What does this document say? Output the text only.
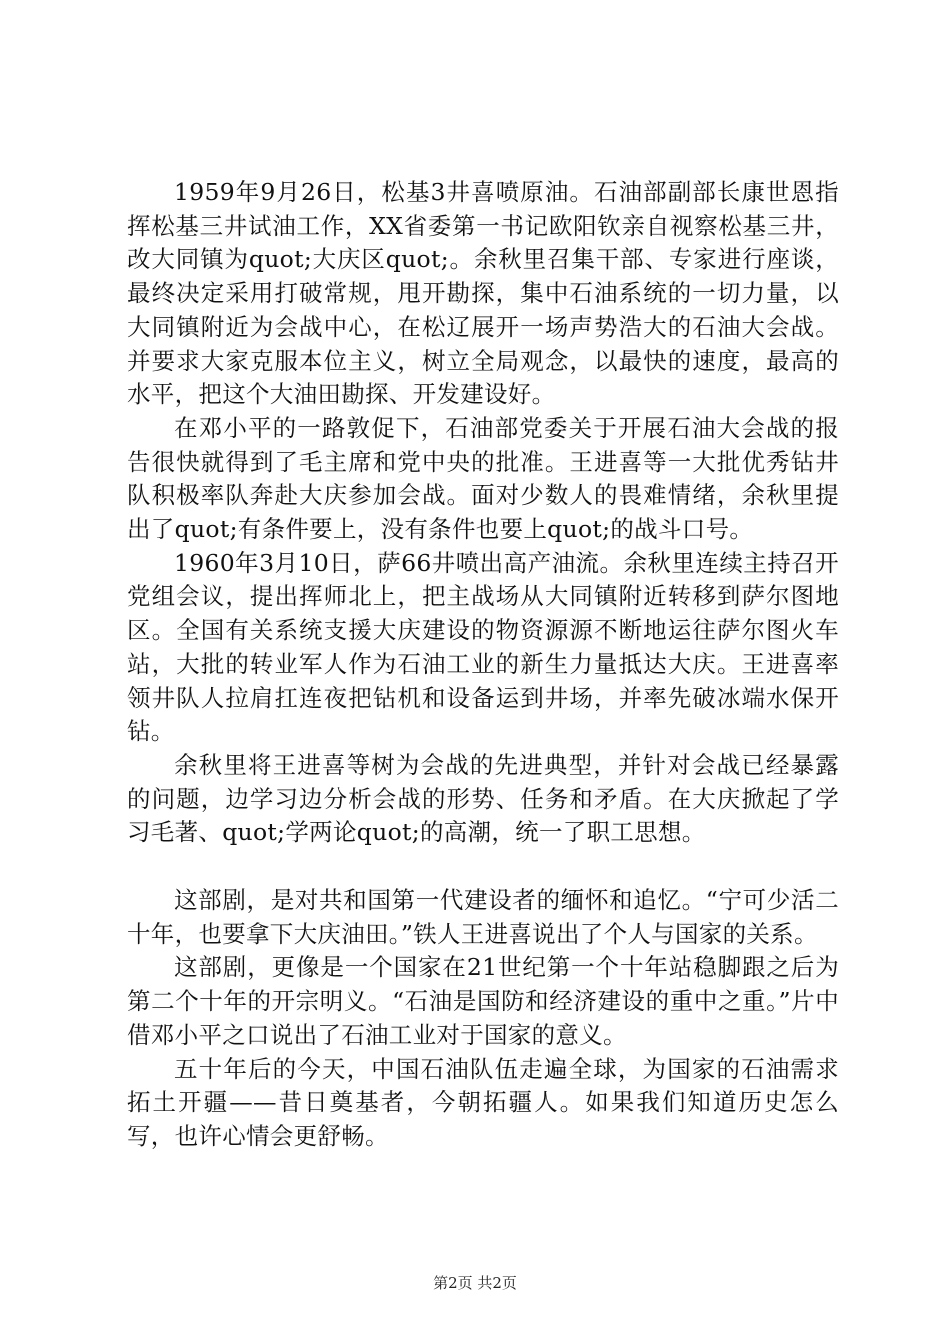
1959年9月26日，松基3井喜喷原油。石油部副部长康世恩指挥松基三井试油工作，XX省委第一书记欧阳钦亲自视察松基三井，改大同镇为quot;大庆区quot;。余秋里召集干部、专家进行座谈，最终决定采用打破常规，甩开勘探，集中石油系统的一切力量，以大同镇附近为会战中心，在松辽展开一场声势浩大的石油大会战。并要求大家克服本位主义，树立全局观念，以最快的速度，最高的水平，把这个大油田勘探、开发建设好。

在邓小平的一路敦促下，石油部党委关于开展石油大会战的报告很快就得到了毛主席和党中央的批准。王进喜等一大批优秀钻井队积极率队奔赴大庆参加会战。面对少数人的畏难情绪，余秋里提出了quot;有条件要上，没有条件也要上quot;的战斗口号。

1960年3月10日，萨66井喷出高产油流。余秋里连续主持召开党组会议，提出挥师北上，把主战场从大同镇附近转移到萨尔图地区。全国有关系统支援大庆建设的物资源源不断地运往萨尔图火车站，大批的转业军人作为石油工业的新生力量抵达大庆。王进喜率领井队人拉肩扛连夜把钻机和设备运到井场，并率先破冰端水保开钻。

余秋里将王进喜等树为会战的先进典型，并针对会战已经暴露的问题，边学习边分析会战的形势、任务和矛盾。在大庆掀起了学习毛著、quot;学两论quot;的高潮，统一了职工思想。

这部剧，是对共和国第一代建设者的缅怀和追忆。“宁可少活二十年，也要拿下大庆油田。”铁人王进喜说出了个人与国家的关系。

这部剧，更像是一个国家在21世纪第一个十年站稳脚跟之后为第二个十年的开宗明义。“石油是国防和经济建设的重中之重。”片中借邓小平之口说出了石油工业对于国家的意义。

五十年后的今天，中国石油队伍走遍全球，为国家的石油需求拓土开疆——昔日奠基者，今朝拓疆人。如果我们知道历史怎么写，也许心情会更舒畅。

第2页 共2页
